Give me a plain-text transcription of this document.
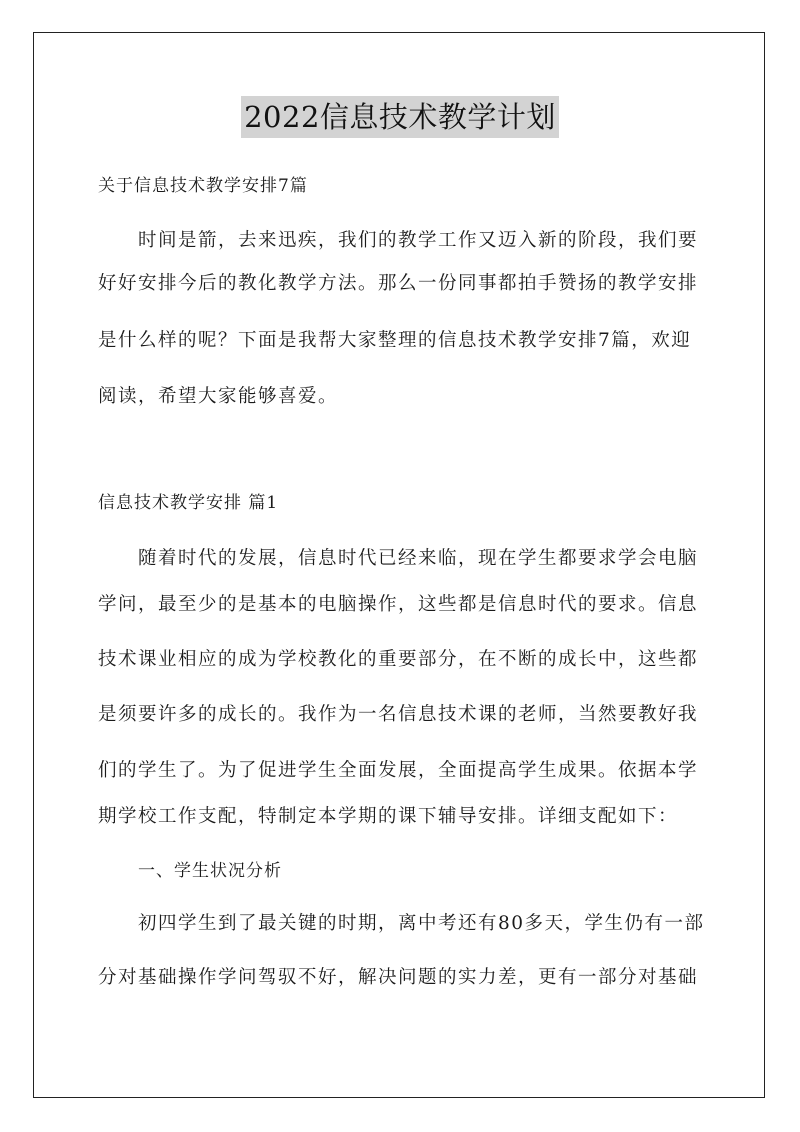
2022信息技术教学计划
关于信息技术教学安排7篇
时间是箭，去来迅疾，我们的教学工作又迈入新的阶段，我们要
好好安排今后的教化教学方法。那么一份同事都拍手赞扬的教学安排
是什么样的呢？下面是我帮大家整理的信息技术教学安排7篇，欢迎
阅读，希望大家能够喜爱。
信息技术教学安排 篇1
随着时代的发展，信息时代已经来临，现在学生都要求学会电脑
学问，最至少的是基本的电脑操作，这些都是信息时代的要求。信息
技术课业相应的成为学校教化的重要部分，在不断的成长中，这些都
是须要许多的成长的。我作为一名信息技术课的老师，当然要教好我
们的学生了。为了促进学生全面发展，全面提高学生成果。依据本学
期学校工作支配，特制定本学期的课下辅导安排。详细支配如下：
一、学生状况分析
初四学生到了最关键的时期，离中考还有80多天，学生仍有一部
分对基础操作学问驾驭不好，解决问题的实力差，更有一部分对基础
